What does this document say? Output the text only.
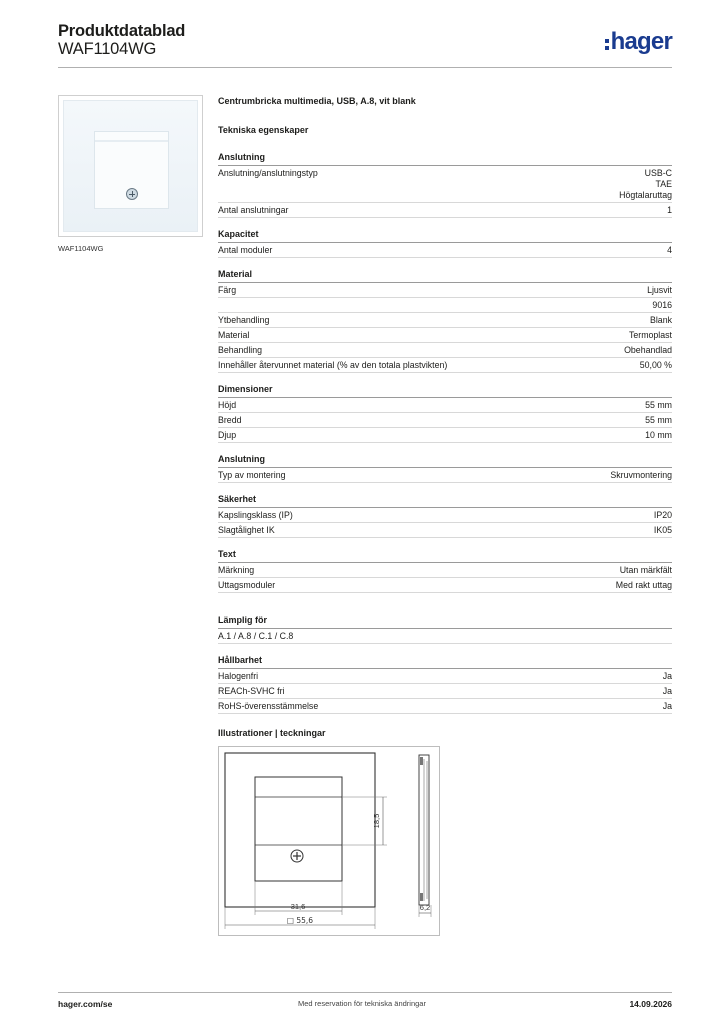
Produktdatablad
WAF1104WG	hager
WAF1104WG
Centrumbricka multimedia, USB, A.8, vit blank
Tekniska egenskaper
Anslutning
Anslutning/anslutningstyp	USB-C
TAE
Högtalaruttag
Antal anslutningar	1
Kapacitet
Antal moduler	4
Material
Färg	Ljusvit
9016
Ytbehandling	Blank
Material	Termoplast
Behandling	Obehandlad
Innehåller återvunnet material (% av den totala plastvikten)	50,00 %
Dimensioner
Höjd	55 mm
Bredd	55 mm
Djup	10 mm
Anslutning
Typ av montering	Skruvmontering
Säkerhet
Kapslingsklass (IP)	IP20
Slagtålighet IK	IK05
Text
Märkning	Utan märkfält
Uttagsmoduler	Med rakt uttag
Lämplig för
A.1 / A.8 / C.1 / C.8
Hållbarhet
Halogenfri	Ja
REACh-SVHC fri	Ja
RoHS-överensstämmelse	Ja
Illustrationer | teckningar
18,5
31,6
□ 55,6
6,2
hager.com/se	Med reservation för tekniska ändringar	14.09.2026
